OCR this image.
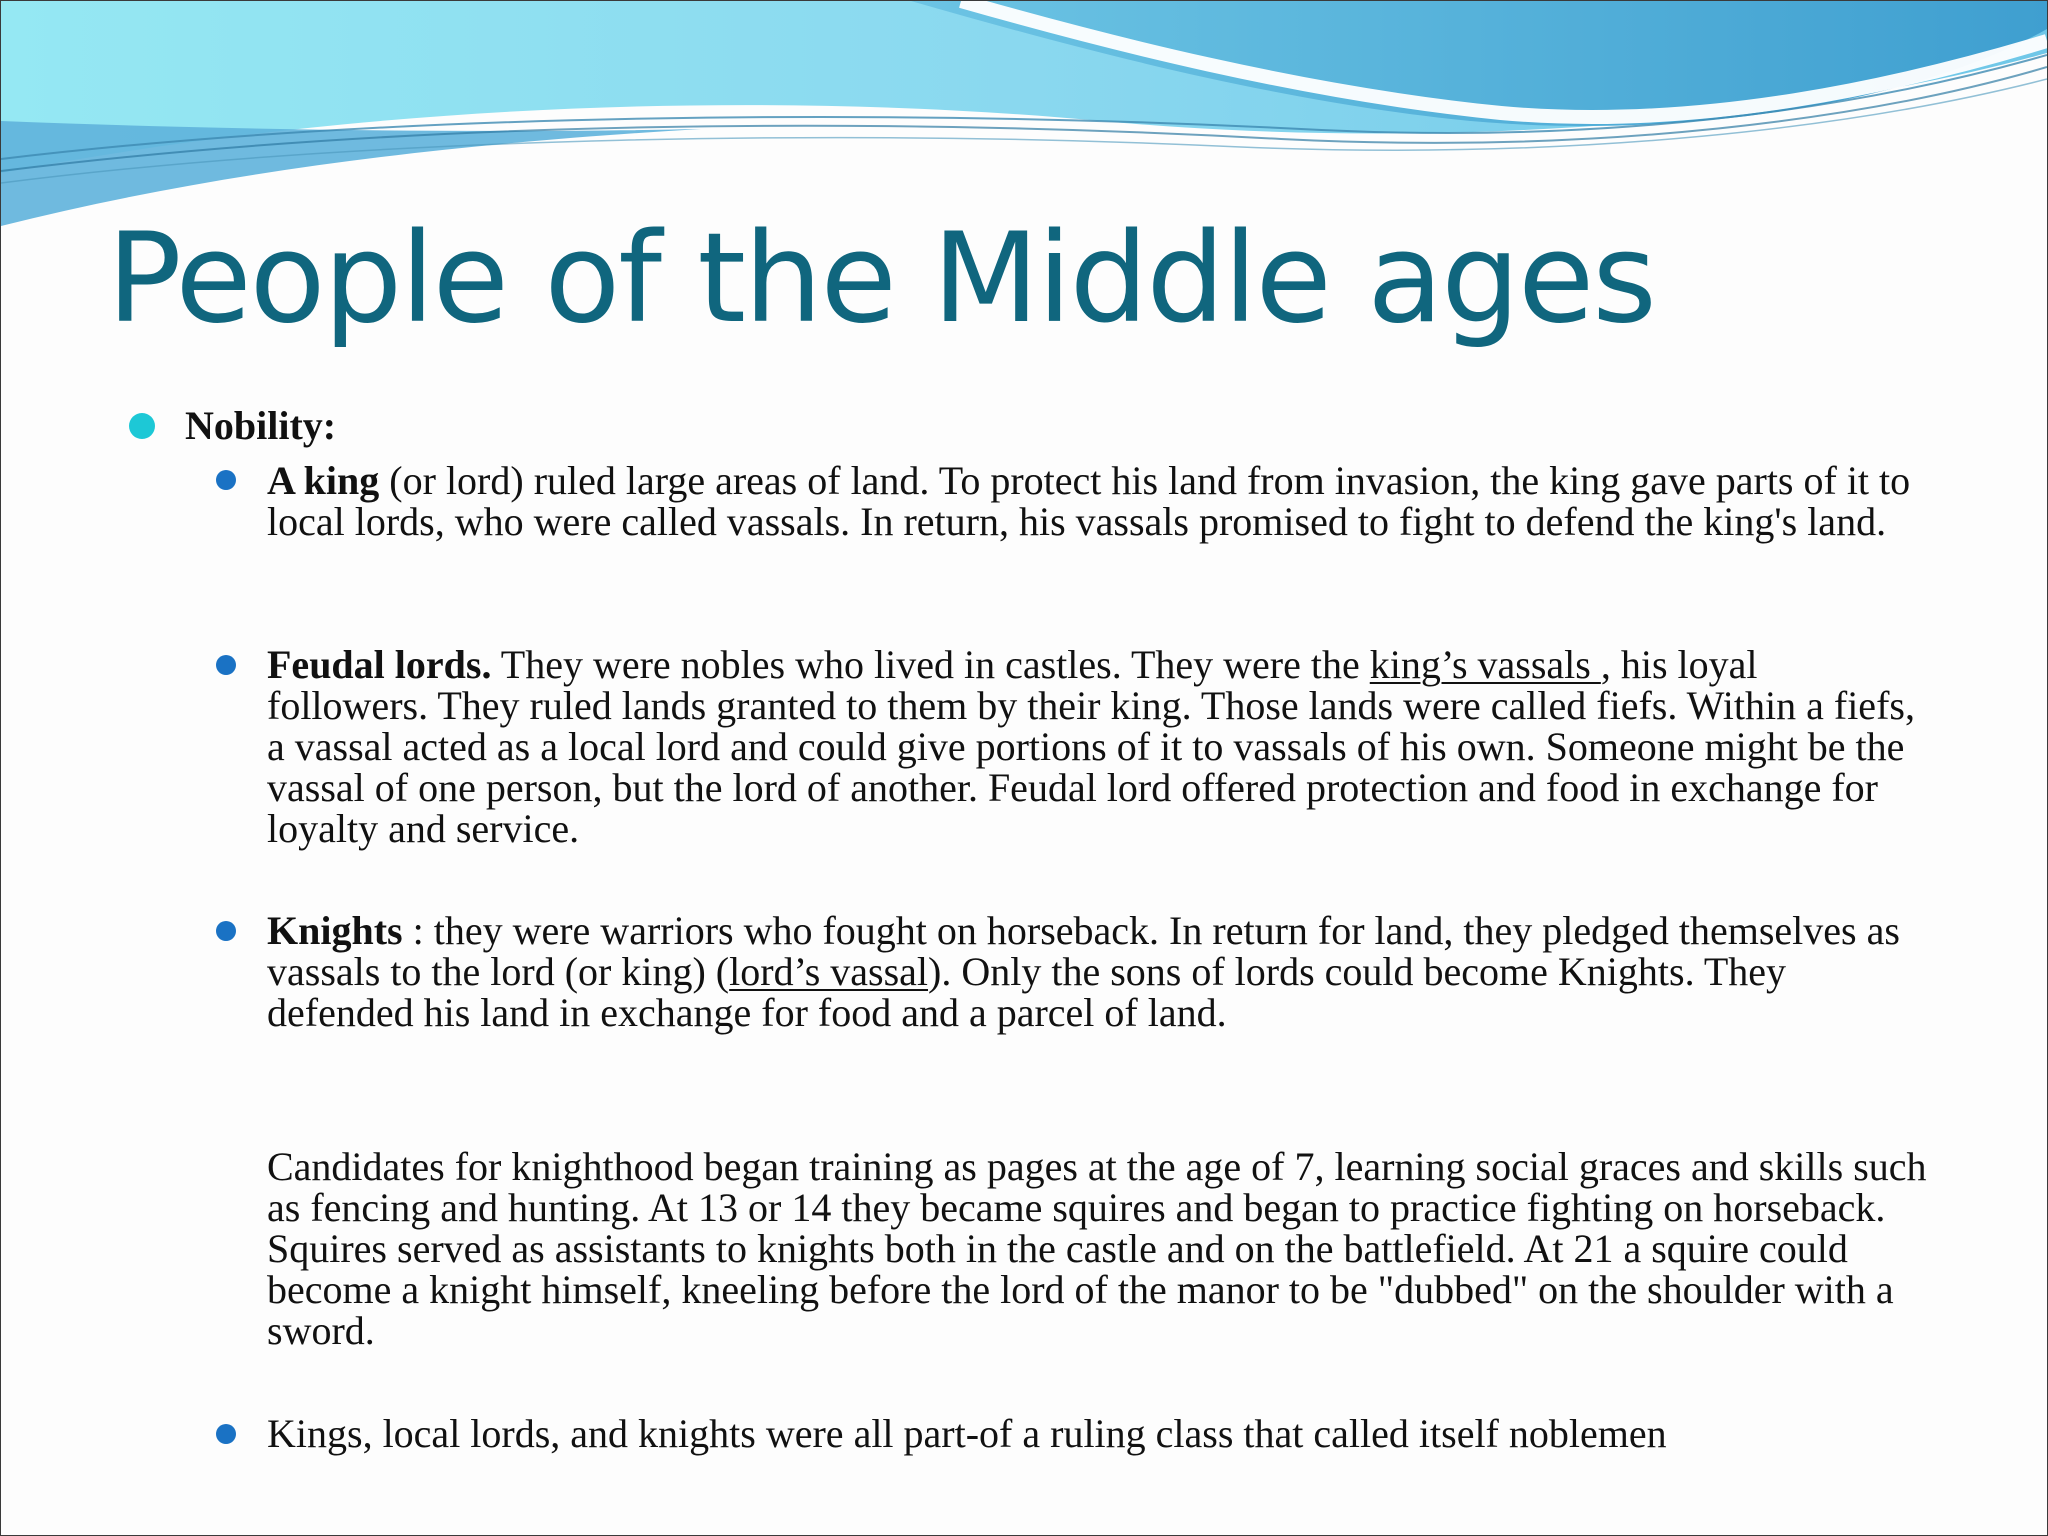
People of the Middle ages
Nobility:
A king (or lord) ruled large areas of land. To protect his land from invasion, the king gave parts of it to local lords, who were called vassals. In return, his vassals promised to fight to defend the king's land.
Feudal lords. They were nobles who lived in castles. They were the king’s vassals , his loyal followers. They ruled lands granted to them by their king. Those lands were called fiefs. Within a fiefs, a vassal acted as a local lord and could give portions of it to vassals of his own. Someone might be the vassal of one person, but the lord of another. Feudal lord offered protection and food in exchange for loyalty and service.
Knights : they were warriors who fought on horseback. In return for land, they pledged themselves as vassals to the lord (or king) (lord’s vassal). Only the sons of lords could become Knights. They defended his land in exchange for food and a parcel of land.
Candidates for knighthood began training as pages at the age of 7, learning social graces and skills such as fencing and hunting. At 13 or 14 they became squires and began to practice fighting on horseback. Squires served as assistants to knights both in the castle and on the battlefield. At 21 a squire could become a knight himself, kneeling before the lord of the manor to be "dubbed" on the shoulder with a sword.
Kings, local lords, and knights were all part-of a ruling class that called itself noblemen
